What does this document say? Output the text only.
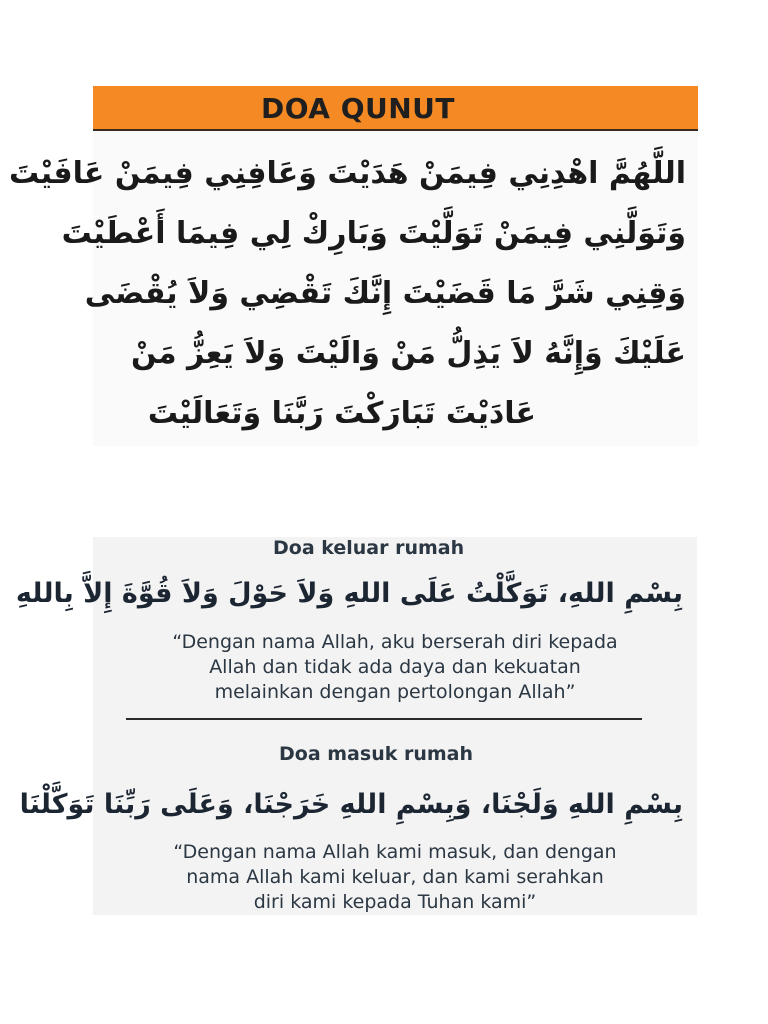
DOA QUNUT
اللَّهُمَّ اهْدِنِي فِيمَنْ هَدَيْتَ وَعَافِنِي فِيمَنْ عَافَيْتَ
وَتَوَلَّنِي فِيمَنْ تَوَلَّيْتَ وَبَارِكْ لِي فِيمَا أَعْطَيْتَ
وَقِنِي شَرَّ مَا قَضَيْتَ إِنَّكَ تَقْضِي وَلاَ يُقْضَى
عَلَيْكَ وَإِنَّهُ لاَ يَذِلُّ مَنْ وَالَيْتَ وَلاَ يَعِزُّ مَنْ
عَادَيْتَ تَبَارَكْتَ رَبَّنَا وَتَعَالَيْتَ
Doa keluar rumah
بِسْمِ اللهِ، تَوَكَّلْتُ عَلَى اللهِ وَلاَ حَوْلَ وَلاَ قُوَّةَ إِلاَّ بِاللهِ
“Dengan nama Allah, aku berserah diri kepada
Allah dan tidak ada daya dan kekuatan
melainkan dengan pertolongan Allah”
Doa masuk rumah
بِسْمِ اللهِ وَلَجْنَا، وَبِسْمِ اللهِ خَرَجْنَا، وَعَلَى رَبِّنَا تَوَكَّلْنَا
“Dengan nama Allah kami masuk, dan dengan
nama Allah kami keluar, dan kami serahkan
diri kami kepada Tuhan kami”
